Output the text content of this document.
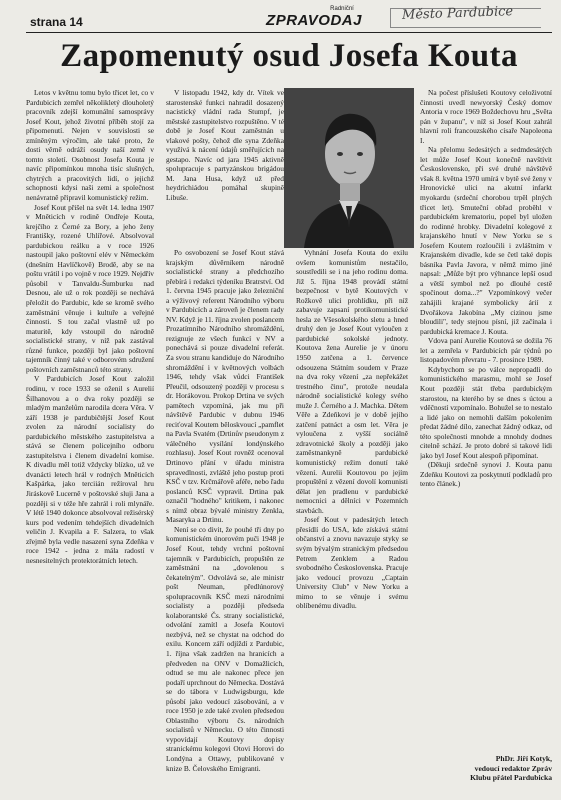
strana 14
Radniční
ZPRAVODAJ	Město Pardubice
Zapomenutý osud Josefa Kouta

Letos v květnu tomu bylo třicet let, co v Pardubicích zemřel několikletý dlouholetý pracovník zdejší komunální samosprávy Josef Kout, jehož životní příběh stojí za připomenutí. Nejen v souvislosti se zmíněným výročím, ale také proto, že dosti věrně odráží osudy naší země v tomto století. Osobnost Josefa Kouta je navíc připomínkou mnoha tisíc slušných, chytrých a pracovitých lidí, o jejichž schopnosti kdysi naši zemi a společnost nenávratně připravil komunistický režim.

Josef Kout přišel na svět 14. ledna 1907 v Mněticích v rodině Ondřeje Kouta, krejčího z Černé za Bory, a jeho ženy Františky, rozené Uhlířové. Absolvoval pardubickou reálku a v roce 1926 nastoupil jako poštovní elév v Německém (dnešním Havlíčkově) Brodě, aby se na poštu vrátil i po vojně v roce 1929. Nejdřív působil v Tanvaldu-Šumburku nad Desnou, ale už o rok později se nechává přeložit do Pardubic, kde se kromě svého zaměstnání věnuje i kultuře a veřejné činnosti. S tou začal vlastně už po maturitě, kdy vstoupil do národně socialistické strany, v níž pak zastával různé funkce, později byl jako poštovní tajemník činný také v odborovém sdružení poštovních zaměstnanců této strany.

V Pardubicích Josef Kout založil rodinu, v roce 1933 se oženil s Aurelií Šilhanovou a o dva roky později se mladým manželům narodila dcera Věra. V září 1938 je pardubičtější Josef Kout zvolen za národní socialisty do pardubického městského zastupitelstva a stává se členem policejního odboru zastupitelstva i členem divadelní komise. K divadlu měl totiž vždycky blízko, už ve dvanácti letech hrál v rodných Mněticích Kašpárka, jako terciián režíroval hru Jiráskově Lucerně v poštovské sluji Jana a později si v téže hře zahrál i roli mlynáře. V létě 1940 dokonce absolvoval režisérský kurs pod vedením tehdejších divadelních veličin J. Kvapila a F. Salzera, to však zřejmě byla vedle nasazení syna Zdeňka v roce 1942 - jedna z mála radostí v nesnesitelných protektorátních letech.

V listopadu 1942, kdy dr. Vítek ve starostenské funkci nahradil dosazený nacistický vládní rada Stumpf, je městské zastupitelstvo rozpuštěno. V té době je Josef Kout zaměstnán u vlakové pošty, čehož dle syna Zdeňka využívá k nácení údajů směřujících na gestapo. Navíc od jara 1945 aktivně spolupracuje s partyzánskou brigádou M. Jana Husa, když už před heydrichiádou pomáhal skupině Libuše.

Po osvobození se Josef Kout stává krajským důvěrníkem národně socialistické strany a předchozího přebírá i redakci týdeníku Bratrství. Od 1. června 1945 pracuje jako železniční a výživový referent Národního výboru v Pardubicích a zároveň je členem rady NV. Když je 11. října zvolen poslancem Prozatímního Národního shromáždění, rezignuje ze všech funkcí v NV a ponechává si pouze divadelní referát. Za svou stranu kandiduje do Národního shromáždění i v květnových volbách 1946, tehdy však vůdci František Přeučil, odsouzený později v procesu s dr. Horákovou. Prokop Drtina ve svých pamětech vzpomíná, jak mu při návštěvě Pardubic v dubnu 1946 reciťoval Koutem běloskvoucí „pamflet na Pavla Svatém (Drtinův pseudonym z válečného vysílání londýnského rozhlasu). Josef Kout rovněž ocenoval Drtinovo přání v úřadu ministra spravedlnosti, zvláště jeho postup proti KSČ v tzv. Krčmářově aféře, nebo řadu poslanců KSČ vypravil. Drtina pak označil "hodného" kritikem, i nakonec s nímž obraz bývalé ministry Zenkla, Masaryka a Drtinu.

Není se co divit, že pouhé tři dny po komunistickém únorovém puči 1948 je Josef Kout, tehdy vrchní poštovní tajemník v Pardubicích, propuštěn ze zaměstnání na „dovolenou s čekatelným". Odvolává se, ale ministr pošt Neuman, předlúnorový spolupracovník KSČ mezi národními socialisty a později předseda kolaborantské Čs. strany socialistické, odvolání zamítl a Josefa Koutovi nezbývá, než se chystat na odchod do exilu. Koncem září odjíždí z Pardubic, 1. října však zadržen na hranicích a předveden na ONV v Domažlicích, odtud se mu ale nakonec přece jen podaří uprchnout do Německa. Dostává se do tábora v Ludwigsburgu, kde působí jako vedoucí zásobování, a v roce 1950 je zde také zvolen předsedou Oblastního výboru čs. národních socialistů v Německu. O této činnosti vypovídají Koutovy dopisy stranickému kolegovi Otovi Horovi do Londýna a Ottawy, publikované v knize B. Čelovského Emigranti.

Vyhnání Josefa Kouta do exilu ovšem komunistům nestačilo, soustředili se i na jeho rodinu doma. Již 5. října 1948 provádí státní bezpečnost v bytě Koutových v Rožkově ulici prohlídku, při níž zabavuje zapsaní protikomunistické hesla ze Všesokolského sletu a hned druhý den je Josef Kout vyloučen z pardubické sokolské jednoty. Koutova žena Aurelie je v únoru 1950 zatčena a 1. července odsouzena Státním soudem v Praze na dva roky vězení „za nepřekážet trestného činu", protože neudala národně socialistické kolegy svého muže J. Černého a J. Machka. Dětem Věře a Zdeňkovi je v době jejího zatčení patnáct a osm let. Věra je vyloučena z vyšší sociálně zdravotnické školy a později jako zaměstnankyně pardubické komunistický režim donutí také vězení. Aurelii Koutovou po jejím propuštění z vězení dovolí komunisti dělat jen pradlenu v pardubické nemocnici a dělníci v Pozemních stavbách.

Josef Kout v padesátých letech přesídlí do USA, kde získává státní občanství a znovu navazuje styky se svým bývalým stranickým předsedou Petrem Zenklem a Radou svobodného Československa. Pracuje jako vedoucí provozu „Captain University Club" v New Yorku a mimo to se věnuje i svému oblíbenému divadlu.

Na počest příslušeti Koutovy celoživotní činnosti uvedl newyorský Český domov Antoria v roce 1969 Boždechovu hru „Světa pán v županu", v níž si Josef Kout zahrál hlavní roli francouzského císaře Napoleona I.

Na přelomu šedesátých a sedmdesátých let může Josef Kout konečně navštívit Československo, při své druhé návštěvě však 8. května 1970 umírá v bytě své ženy v Hronovické ulici na akutní infarkt myokardu (srdeční chorobou trpěl plných třicet let). Smuteční obřad proběhl v pardubickém krematoriu, popel byl uložen do rodinné hrobky. Divadelní kolegové z krajanského hnutí v New Yorku se s Josefem Koutem rozloučili i zvláštním v Krajanském divadle, kde se četl také dopis básníka Pavla Javora, v němž mimo jiné napsal: „Může být pro výhnance lepší osud a větší symbol než po dlouhé cestě spočinout doma...?" Vzpomínkový večer zahájili krajané symbolicky árií z Dvořákova Jakobína „My cizinou jsme bloudili", tedy stejnou písní, již začínala i pardubická kremace J. Kouta.

Vdova paní Aurelie Koutová se dožila 76 let a zemřela v Pardubicích pár týdnů po listopadovém převratu - 7. prosince 1989.

Kdybychom se po válce nepropadli do komunistického marasmu, mohl se Josef Kout později stát třeba pardubickým starostou, na kterého by se dnes s úctou a vděčností vzpomínalo. Bohužel se to nestalo a lidé jako on nemohli dalším pokolením předat žádné dílo, zanechat žádný odkaz, od této společnosti mnohde a mnohdy dodnes citelně schází. Je proto dobré si takové lidi jako byl Josef Kout alespoň připomínat.

(Děkuji srdečně synovi J. Kouta panu Zdeňku Koutovi za poskytnutí podkladů pro tento článek.)

PhDr. Jiří Kotyk,
vedoucí redaktor Zpráv
Klubu přátel Pardubicka
